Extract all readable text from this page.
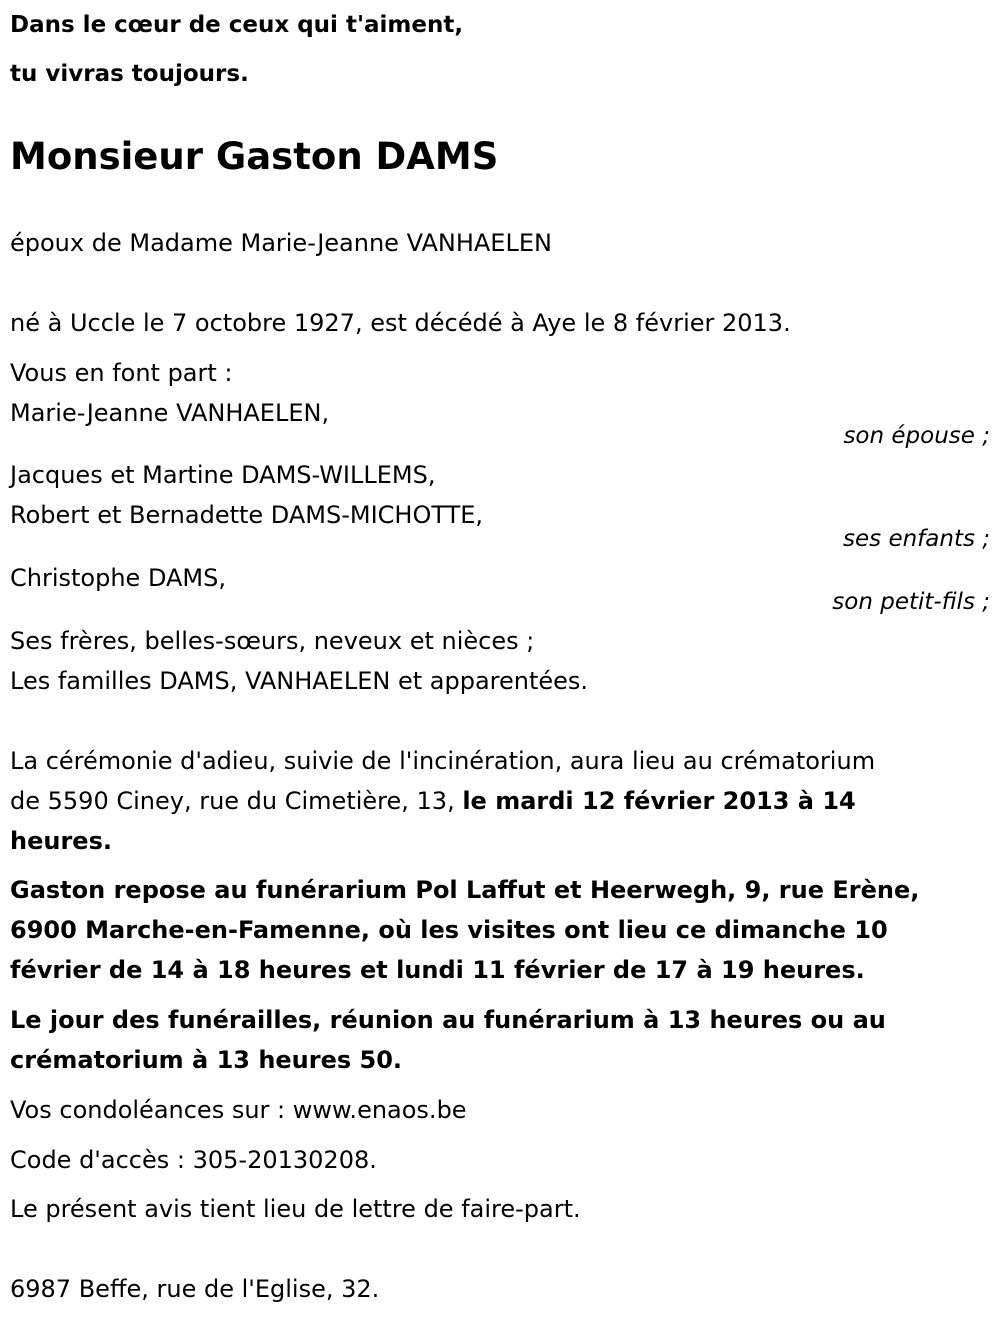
Dans le cœur de ceux qui t'aiment,
tu vivras toujours.
Monsieur Gaston DAMS
époux de Madame Marie-Jeanne VANHAELEN
né à Uccle le 7 octobre 1927, est décédé à Aye le 8 février 2013.
Vous en font part :
Marie-Jeanne VANHAELEN,
son épouse ;
Jacques et Martine DAMS-WILLEMS,
Robert et Bernadette DAMS-MICHOTTE,
ses enfants ;
Christophe DAMS,
son petit-fils ;
Ses frères, belles-sœurs, neveux et nièces ;
Les familles DAMS, VANHAELEN et apparentées.
La cérémonie d'adieu, suivie de l'incinération, aura lieu au crématorium
de 5590 Ciney, rue du Cimetière, 13, le mardi 12 février 2013 à 14
heures.
Gaston repose au funérarium Pol Laffut et Heerwegh, 9, rue Erène,
6900 Marche-en-Famenne, où les visites ont lieu ce dimanche 10
février de 14 à 18 heures et lundi 11 février de 17 à 19 heures.
Le jour des funérailles, réunion au funérarium à 13 heures ou au
crématorium à 13 heures 50.
Vos condoléances sur : www.enaos.be
Code d'accès : 305-20130208.
Le présent avis tient lieu de lettre de faire-part.
6987 Beffe, rue de l'Eglise, 32.
